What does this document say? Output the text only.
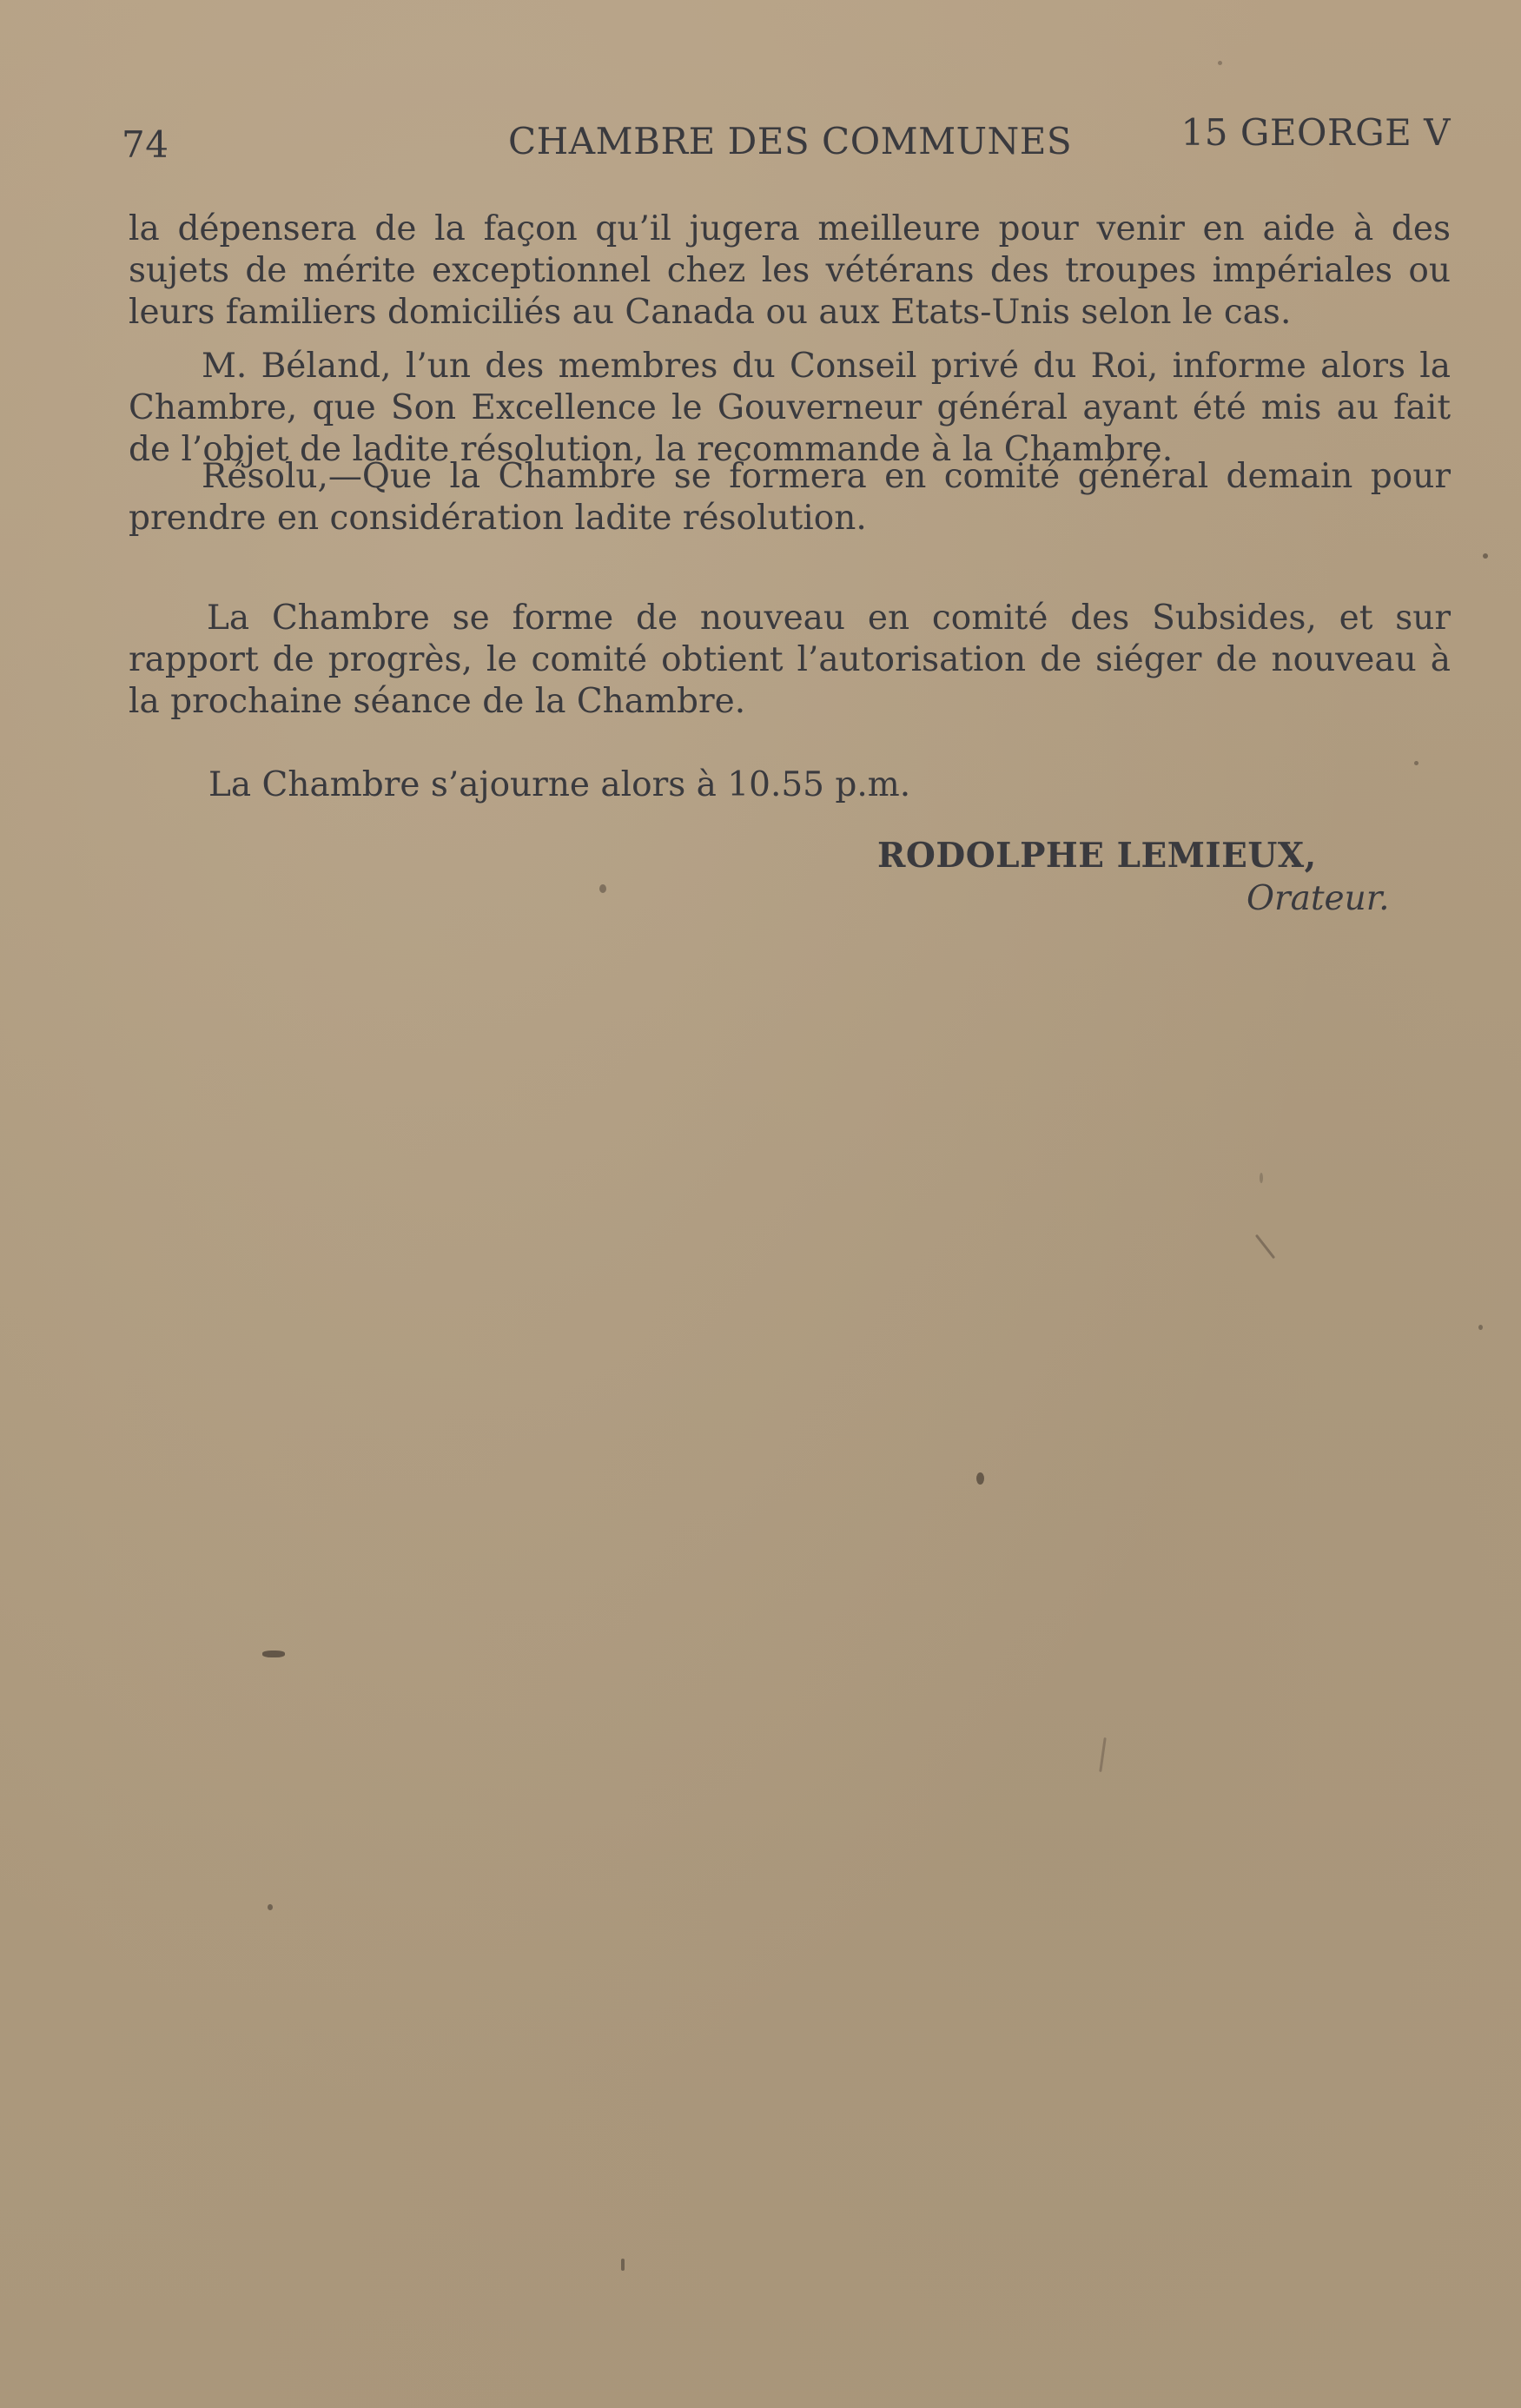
74	CHAMBRE DES COMMUNES	15 GEORGE V

la dépensera de la façon qu’il jugera meilleure pour venir en aide à des sujets de mérite exceptionnel chez les vétérans des troupes impériales ou leurs familiers domiciliés au Canada ou aux Etats-Unis selon le cas.

M. Béland, l’un des membres du Conseil privé du Roi, informe alors la Chambre, que Son Excellence le Gouverneur général ayant été mis au fait de l’objet de ladite résolution, la recommande à la Chambre.

Résolu,—Que la Chambre se formera en comité général demain pour prendre en considération ladite résolution.

La Chambre se forme de nouveau en comité des Subsides, et sur rapport de progrès, le comité obtient l’autorisation de siéger de nouveau à la prochaine séance de la Chambre.

La Chambre s’ajourne alors à 10.55 p.m.

RODOLPHE LEMIEUX,
Orateur.
